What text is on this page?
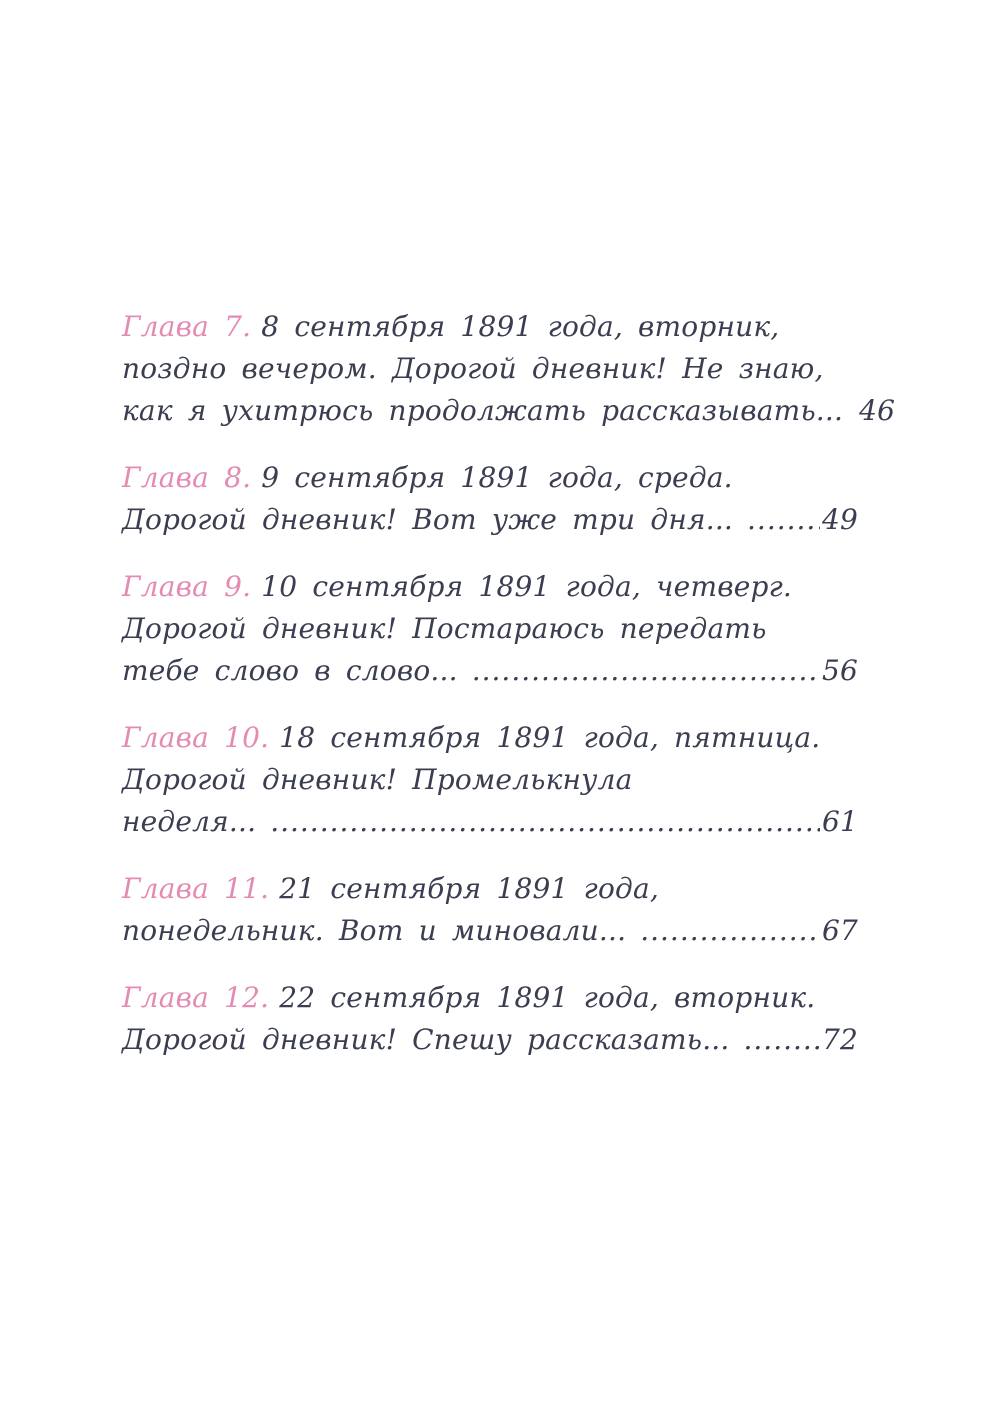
Глава 7. 8 сентября 1891 года, вторник,
поздно вечером. Дорогой дневник! Не знаю,
как я ухитрюсь продолжать рассказывать... 46
Глава 8. 9 сентября 1891 года, среда.
Дорогой дневник! Вот уже три дня... .....	49
Глава 9. 10 сентября 1891 года, четверг.
Дорогой дневник! Постараюсь передать
тебе слово в слово... .....	56
Глава 10. 18 сентября 1891 года, пятница.
Дорогой дневник! Промелькнула
неделя... .....	61
Глава 11. 21 сентября 1891 года,
понедельник. Вот и миновали... .....	67
Глава 12. 22 сентября 1891 года, вторник.
Дорогой дневник! Спешу рассказать... .....	72
